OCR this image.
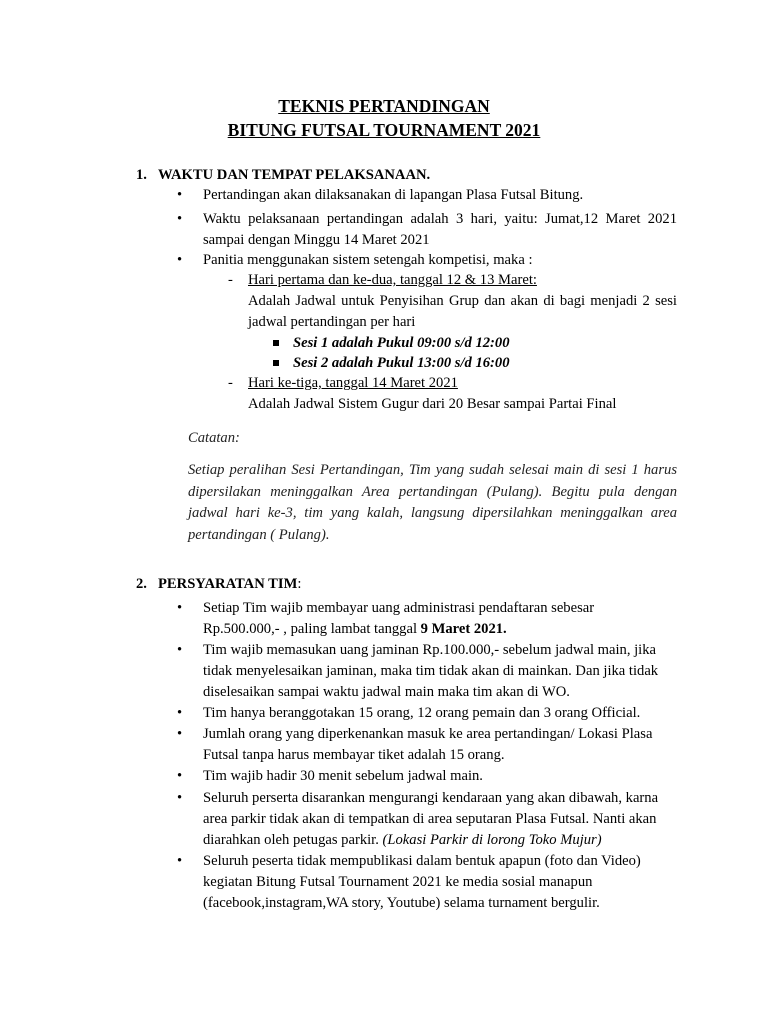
TEKNIS PERTANDINGAN
BITUNG FUTSAL TOURNAMENT 2021
1. WAKTU DAN TEMPAT PELAKSANAAN.
• Pertandingan akan dilaksanakan di lapangan Plasa Futsal Bitung.
• Waktu pelaksanaan pertandingan adalah 3 hari, yaitu: Jumat,12 Maret 2021 sampai dengan Minggu 14 Maret 2021
• Panitia menggunakan sistem setengah kompetisi, maka :
- Hari pertama dan ke-dua, tanggal 12 & 13 Maret:
Adalah Jadwal untuk Penyisihan Grup dan akan di bagi menjadi 2 sesi jadwal pertandingan per hari
Sesi 1 adalah Pukul 09:00 s/d 12:00
Sesi 2 adalah Pukul 13:00 s/d 16:00
- Hari ke-tiga, tanggal 14 Maret 2021
Adalah Jadwal Sistem Gugur dari 20 Besar sampai Partai Final
Catatan:

Setiap peralihan Sesi Pertandingan, Tim yang sudah selesai main di sesi 1 harus dipersilakan meninggalkan Area pertandingan (Pulang). Begitu pula dengan jadwal hari ke-3, tim yang kalah, langsung dipersilahkan meninggalkan area pertandingan ( Pulang).

2. PERSYARATAN TIM:
• Setiap Tim wajib membayar uang administrasi pendaftaran sebesar
Rp.500.000,- , paling lambat tanggal 9 Maret 2021.
• Tim wajib memasukan uang jaminan Rp.100.000,- sebelum jadwal main, jika tidak menyelesaikan jaminan, maka tim tidak akan di mainkan. Dan jika tidak diselesaikan sampai waktu jadwal main maka tim akan di WO.
• Tim hanya beranggotakan 15 orang, 12 orang pemain dan 3 orang Official.
• Jumlah orang yang diperkenankan masuk ke area pertandingan/ Lokasi Plasa Futsal tanpa harus membayar tiket adalah 15 orang.
• Tim wajib hadir 30 menit sebelum jadwal main.
• Seluruh perserta disarankan mengurangi kendaraan yang akan dibawah, karna area parkir tidak akan di tempatkan di area seputaran Plasa Futsal. Nanti akan diarahkan oleh petugas parkir. (Lokasi Parkir di lorong Toko Mujur)
• Seluruh peserta tidak mempublikasi dalam bentuk apapun (foto dan Video) kegiatan Bitung Futsal Tournament 2021 ke media sosial manapun (facebook,instagram,WA story, Youtube) selama turnament bergulir.
